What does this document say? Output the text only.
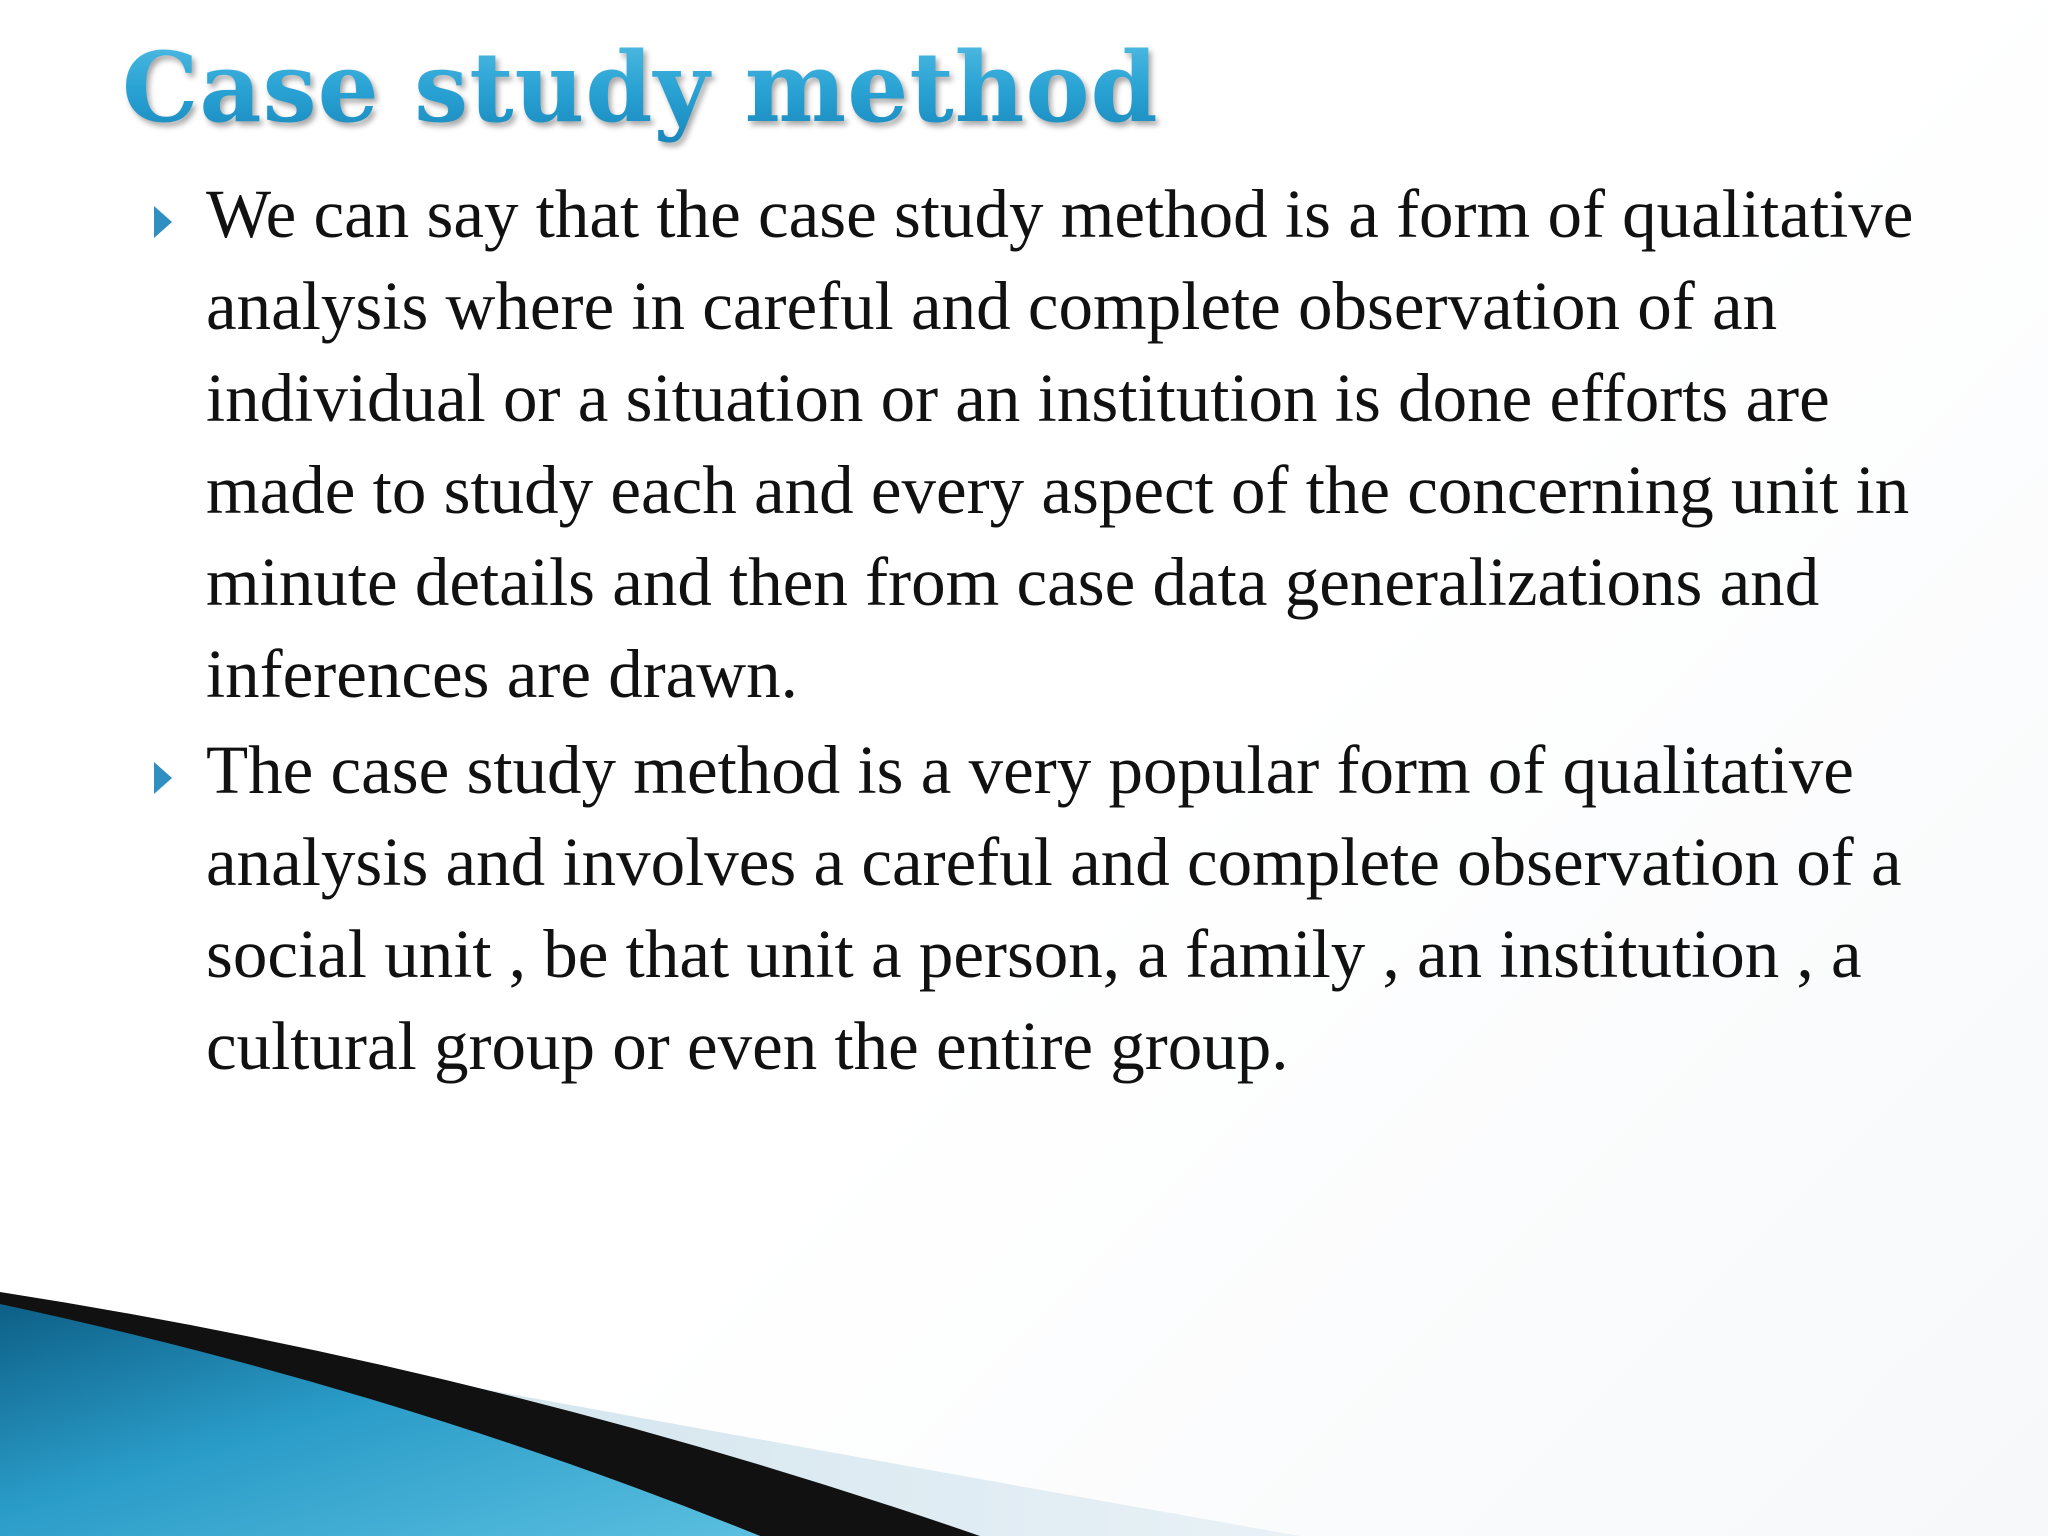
Case study method
We can say that the case study method is a form of qualitative analysis where in careful and complete observation of an individual or a situation or an institution is done efforts are made to study each and every aspect of the concerning unit in minute details and then from case data generalizations and inferences are drawn.
The case study method is a very popular form of qualitative analysis and involves a careful and complete observation of a social unit , be that unit a person, a family , an institution , a cultural group or even the entire group.
